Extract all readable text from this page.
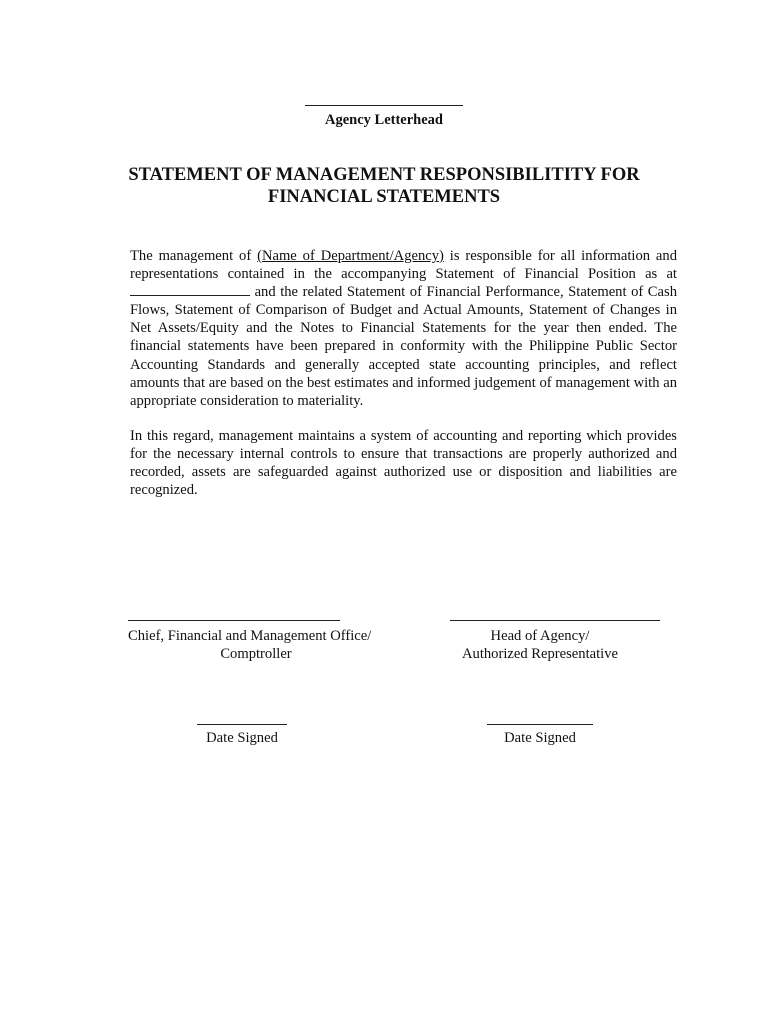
Agency Letterhead
STATEMENT OF MANAGEMENT RESPONSIBILITITY FOR
FINANCIAL STATEMENTS
The management of (Name of Department/Agency) is responsible for all information and representations contained in the accompanying Statement of Financial Position as at  and the related Statement of Financial Performance, Statement of Cash Flows, Statement of Comparison of Budget and Actual Amounts, Statement of Changes in Net Assets/Equity and the Notes to Financial Statements for the year then ended. The financial statements have been prepared in conformity with the Philippine Public Sector Accounting Standards and generally accepted state accounting principles, and reflect amounts that are based on the best estimates and informed judgement of management with an appropriate consideration to materiality.
In this regard, management maintains a system of accounting and reporting which provides for the necessary internal controls to ensure that transactions are properly authorized and recorded, assets are safeguarded against authorized use or disposition and liabilities are recognized.
Chief, Financial and Management Office/
Comptroller
Head of Agency/
Authorized Representative
Date Signed	Date Signed
